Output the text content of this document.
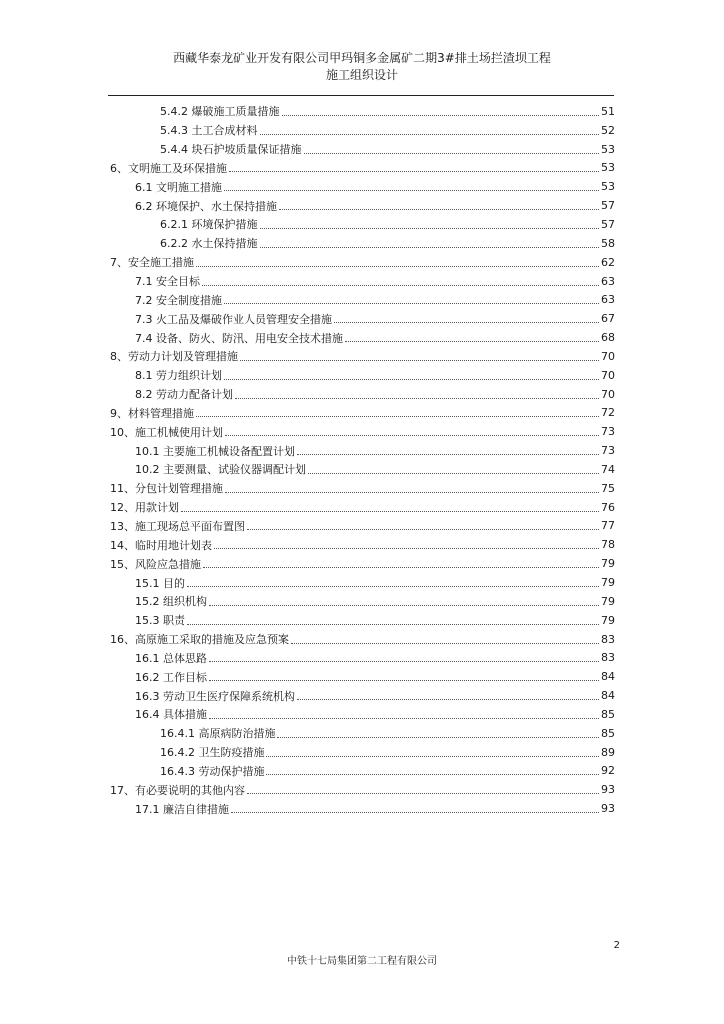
西藏华泰龙矿业开发有限公司甲玛铜多金属矿二期3#排土场拦渣坝工程
施工组织设计
5.4.2 爆破施工质量措施	51
5.4.3 土工合成材料	52
5.4.4 块石护坡质量保证措施	53
6、文明施工及环保措施	53
6.1 文明施工措施	53
6.2 环境保护、水土保持措施	57
6.2.1 环境保护措施	57
6.2.2 水土保持措施	58
7、安全施工措施	62
7.1 安全目标	63
7.2 安全制度措施	63
7.3 火工品及爆破作业人员管理安全措施	67
7.4 设备、防火、防汛、用电安全技术措施	68
8、劳动力计划及管理措施	70
8.1 劳力组织计划	70
8.2 劳动力配备计划	70
9、材料管理措施	72
10、施工机械使用计划	73
10.1 主要施工机械设备配置计划	73
10.2 主要测量、试验仪器调配计划	74
11、分包计划管理措施	75
12、用款计划	76
13、施工现场总平面布置图	77
14、临时用地计划表	78
15、风险应急措施	79
15.1 目的	79
15.2 组织机构	79
15.3 职责	79
16、高原施工采取的措施及应急预案	83
16.1 总体思路	83
16.2 工作目标	84
16.3 劳动卫生医疗保障系统机构	84
16.4 具体措施	85
16.4.1 高原病防治措施	85
16.4.2 卫生防疫措施	89
16.4.3 劳动保护措施	92
17、有必要说明的其他内容	93
17.1 廉洁自律措施	93
2
中铁十七局集团第二工程有限公司
